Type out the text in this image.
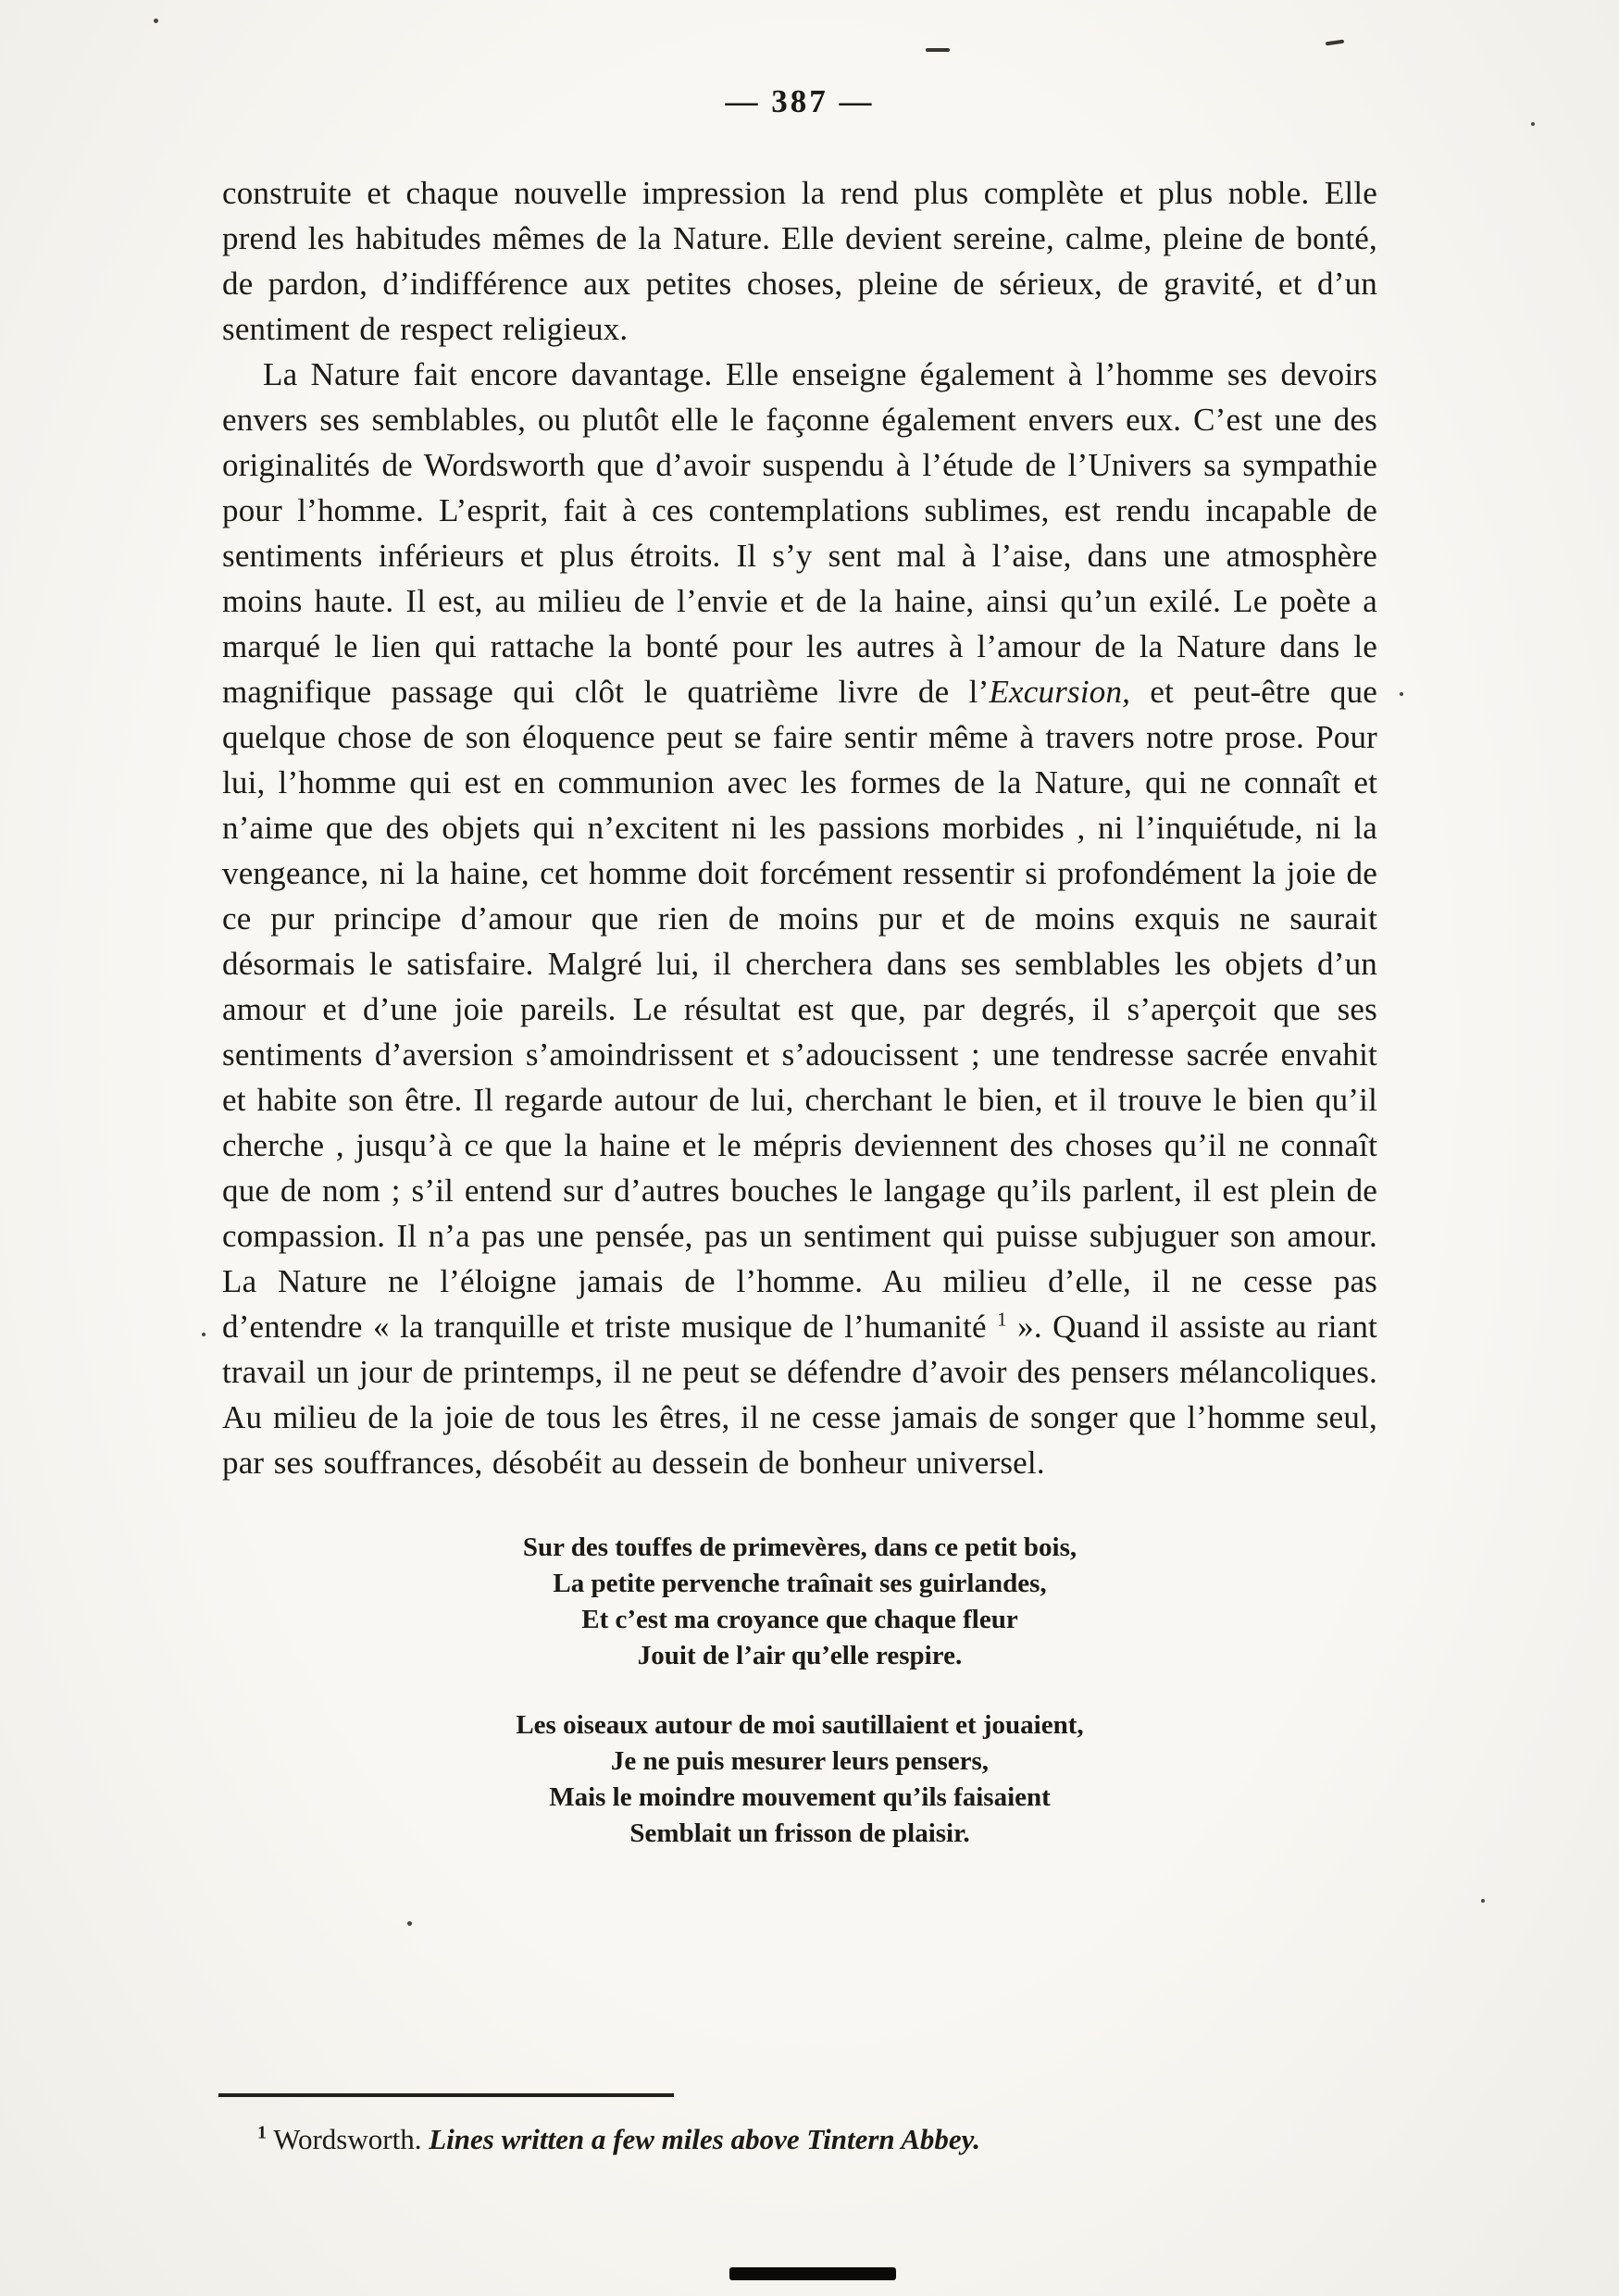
— 387 —

construite et chaque nouvelle impression la rend plus complète et plus noble. Elle prend les habitudes mêmes de la Nature. Elle devient sereine, calme, pleine de bonté, de pardon, d’indifférence aux petites choses, pleine de sérieux, de gravité, et d’un sentiment de respect religieux.

La Nature fait encore davantage. Elle enseigne également à l’homme ses devoirs envers ses semblables, ou plutôt elle le façonne également envers eux. C’est une des originalités de Wordsworth que d’avoir suspendu à l’étude de l’Univers sa sympathie pour l’homme. L’esprit, fait à ces contemplations sublimes, est rendu incapable de sentiments inférieurs et plus étroits. Il s’y sent mal à l’aise, dans une atmosphère moins haute. Il est, au milieu de l’envie et de la haine, ainsi qu’un exilé. Le poète a marqué le lien qui rattache la bonté pour les autres à l’amour de la Nature dans le magnifique passage qui clôt le quatrième livre de l’Excursion, et peut-être que quelque chose de son éloquence peut se faire sentir même à travers notre prose. Pour lui, l’homme qui est en communion avec les formes de la Nature, qui ne connaît et n’aime que des objets qui n’excitent ni les passions morbides , ni l’inquiétude, ni la vengeance, ni la haine, cet homme doit forcément ressentir si profondément la joie de ce pur principe d’amour que rien de moins pur et de moins exquis ne saurait désormais le satisfaire. Malgré lui, il cherchera dans ses semblables les objets d’un amour et d’une joie pareils. Le résultat est que, par degrés, il s’aperçoit que ses sentiments d’aversion s’amoindrissent et s’adoucissent ; une tendresse sacrée envahit et habite son être. Il regarde autour de lui, cherchant le bien, et il trouve le bien qu’il cherche , jusqu’à ce que la haine et le mépris deviennent des choses qu’il ne connaît que de nom ; s’il entend sur d’autres bouches le langage qu’ils parlent, il est plein de compassion. Il n’a pas une pensée, pas un sentiment qui puisse subjuguer son amour. La Nature ne l’éloigne jamais de l’homme. Au milieu d’elle, il ne cesse pas d’entendre « la tranquille et triste musique de l’humanité $^1$ ». Quand il assiste au riant travail un jour de printemps, il ne peut se défendre d’avoir des pensers mélancoliques. Au milieu de la joie de tous les êtres, il ne cesse jamais de songer que l’homme seul, par ses souffrances, désobéit au dessein de bonheur universel.

Sur des touffes de primevères, dans ce petit bois,
La petite pervenche traînait ses guirlandes,
Et c’est ma croyance que chaque fleur
Jouit de l’air qu’elle respire.
Les oiseaux autour de moi sautillaient et jouaient,
Je ne puis mesurer leurs pensers,
Mais le moindre mouvement qu’ils faisaient
Semblait un frisson de plaisir.

$^1$ Wordsworth. Lines written a few miles above Tintern Abbey.
